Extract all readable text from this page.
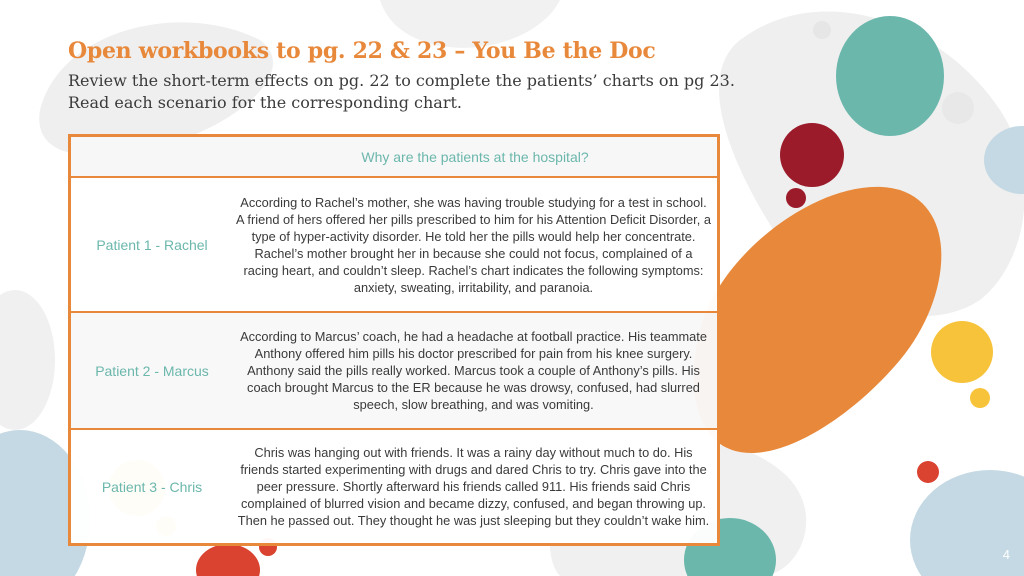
Open workbooks to pg. 22 & 23 – You Be the Doc

Review the short-term effects on pg. 22 to complete the patients’ charts on pg 23. Read each scenario for the corresponding chart.

Why are the patients at the hospital?
Patient 1 - Rachel
According to Rachel’s mother, she was having trouble studying for a test in school. A friend of hers offered her pills prescribed to him for his Attention Deficit Disorder, a type of hyper-activity disorder. He told her the pills would help her concentrate. Rachel’s mother brought her in because she could not focus, complained of a racing heart, and couldn’t sleep. Rachel’s chart indicates the following symptoms: anxiety, sweating, irritability, and paranoia.
Patient 2 - Marcus
According to Marcus’ coach, he had a headache at football practice. His teammate Anthony offered him pills his doctor prescribed for pain from his knee surgery. Anthony said the pills really worked. Marcus took a couple of Anthony’s pills. His coach brought Marcus to the ER because he was drowsy, confused, had slurred speech, slow breathing, and was vomiting.
Patient 3 - Chris
Chris was hanging out with friends. It was a rainy day without much to do. His friends started experimenting with drugs and dared Chris to try. Chris gave into the peer pressure. Shortly afterward his friends called 911. His friends said Chris complained of blurred vision and became dizzy, confused, and began throwing up. Then he passed out. They thought he was just sleeping but they couldn’t wake him.
4
